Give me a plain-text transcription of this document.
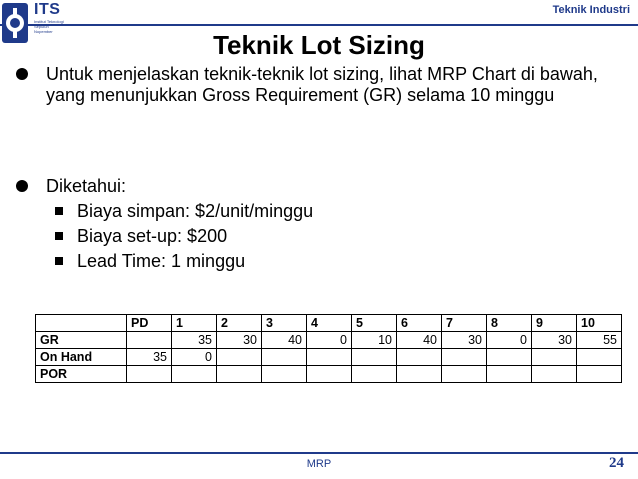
ITS
Institut Teknologi Sepuluh Nopember
Teknik Industri
Teknik Lot Sizing
Untuk menjelaskan teknik-teknik lot sizing, lihat MRP Chart di bawah, yang menunjukkan Gross Requirement (GR) selama 10 minggu
Diketahui:
Biaya simpan: $2/unit/minggu
Biaya set-up: $200
Lead Time: 1 minggu
	PD	1	2	3	4	5	6	7	8	9	10
GR		35	30	40	0	10	40	30	0	30	55
On Hand	35	0									
POR											
MRP	24
